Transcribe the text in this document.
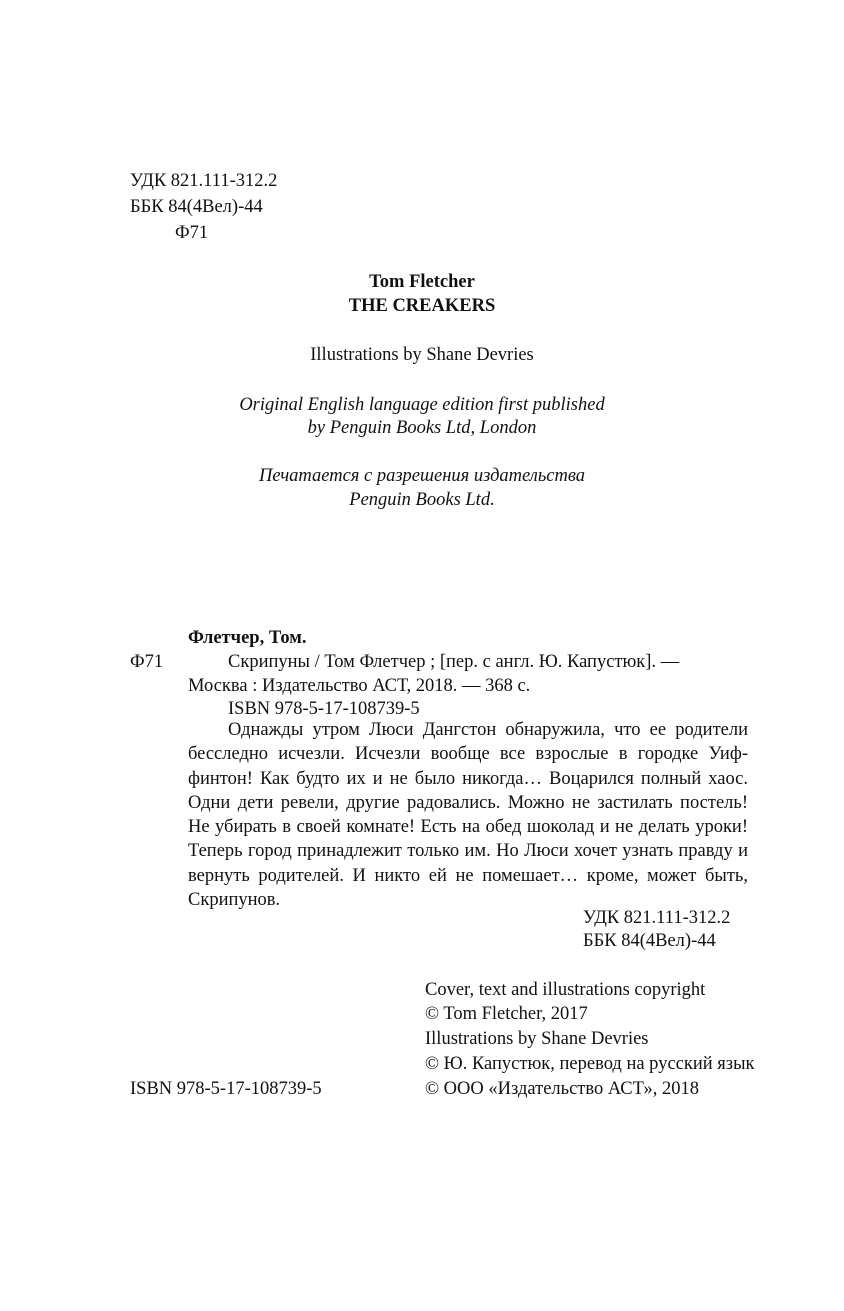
УДК 821.111-312.2
ББК 84(4Вел)-44
Ф71
Tom Fletcher
THE CREAKERS
Illustrations by Shane Devries
Original English language edition first published
by Penguin Books Ltd, London
Печатается с разрешения издательства
Penguin Books Ltd.
Флетчер, Том.
Ф71	Скрипуны / Том Флетчер ; [пер. с англ. Ю. Капустюк]. —
Москва : Издательство АСТ, 2018. — 368 с.
ISBN 978-5-17-108739-5
Однажды утром Люси Дангстон обнаружила, что ее родители бесследно исчезли. Исчезли вообще все взрослые в городке Уиффинтон! Как будто их и не было никогда… Воцарился полный хаос. Одни дети ревели, другие радовались. Можно не застилать постель! Не убирать в своей комнате! Есть на обед шоколад и не делать уроки! Теперь город принадлежит только им. Но Люси хочет узнать правду и вернуть родителей. И никто ей не помешает… кроме, может быть, Скрипунов.
УДК 821.111-312.2
ББК 84(4Вел)-44
Cover, text and illustrations copyright
© Tom Fletcher, 2017
Illustrations by Shane Devries
© Ю. Капустюк, перевод на русский язык
ISBN 978-5-17-108739-5	© ООО «Издательство АСТ», 2018
